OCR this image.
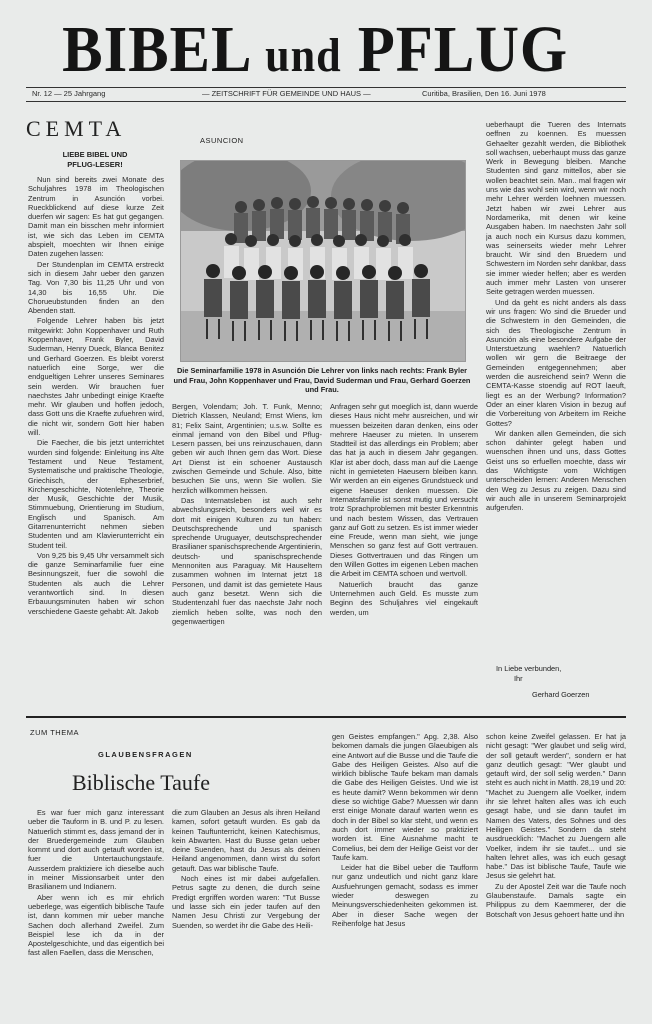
BIBEL und PFLUG
Nr. 12 — 25 Jahrgang	— ZEITSCHRIFT FÜR GEMEINDE UND HAUS —	Curitiba, Brasilien, Den 16. Juni 1978
CEMTA
LIEBE BIBEL UND
PFLUG-LESER!

Nun sind bereits zwei Monate des Schuljahres 1978 im Theologischen Zentrum in Asunción vorbei. Rueckblickend auf diese kurze Zeit duerfen wir sagen: Es hat gut gegangen. Damit man ein bisschen mehr informiert ist, wie sich das Leben im CEMTA abspielt, moechten wir Ihnen einige Daten zugehen lassen:

Der Stundenplan im CEMTA erstreckt sich in diesem Jahr ueber den ganzen Tag. Von 7,30 bis 11,25 Uhr und von 14,30 bis 16,55 Uhr. Die Chorueubstunden finden an den Abenden statt.

Folgende Lehrer haben bis jetzt mitgewirkt: John Koppenhaver und Ruth Koppenhaver, Frank Byler, David Suderman, Henry Dueck, Blanca Benitez und Gerhard Goerzen. Es bleibt vorerst natuerlich eine Sorge, wer die endgueltigen Lehrer unseres Seminares sein werden. Wir brauchen fuer naechstes Jahr unbedingt einige Kraefte mehr. Wir glauben und hoffen jedoch, dass Gott uns die Kraefte zufuehren wird, die nicht wir, sondern Gott hier haben will.

Die Faecher, die bis jetzt unterrichtet wurden sind folgende: Einleitung ins Alte Testament und Neue Testament, Systematische und praktische Theologie, Griechisch, der Epheserbrief, Kirchengeschichte, Notenlehre, Theorie der Musik, Geschichte der Musik, Stimmuebung, Orientierung im Studium, Englisch und Spanisch. Am Gitarrenunterricht nehmen sieben Studenten und am Klavierunterricht ein Student teil.

Von 9,25 bis 9,45 Uhr versammelt sich die ganze Seminarfamilie fuer eine Besinnungszeit, fuer die sowohl die Studenten als auch die Lehrer verantwortlich sind. In diesen Erbauungsminuten haben wir schon verschiedene Gaeste gehabt: Alt. Jakob

ASUNCION
Die Seminarfamilie 1978 in Asunción Die Lehrer von links nach rechts: Frank Byler und Frau, John Koppenhaver und Frau, David Suderman und Frau, Gerhard Goerzen und Frau.

Bergen, Volendam; Joh. T. Funk, Menno; Dietrich Klassen, Neuland; Ernst Wiens, km 81; Felix Saint, Argentinien; u.s.w. Sollte es einmal jemand von den Bibel und Pflug-Lesern passen, bei uns reinzuschauen, dann geben wir auch Ihnen gern das Wort. Diese Art Dienst ist ein schoener Austausch zwischen Gemeinde und Schule. Also, bitte besuchen Sie uns, wenn Sie wollen. Sie herzlich willkommen heissen.

Das Internatsleben ist auch sehr abwechslungsreich, besonders weil wir es dort mit einigen Kulturen zu tun haben: Deutschsprechende und spanisch sprechende Uruguayer, deutschsprechender Brasilianer spanischsprechende Argentinierin, deutsch- und spanischsprechende Mennoniten aus Paraguay. Mit Hauseltern zusammen wohnen im Internat jetzt 18 Personen, und damit ist das gemietete Haus auch ganz besetzt. Wenn sich die Studentenzahl fuer das naechste Jahr noch ziemlich heben sollte, was noch den gegenwaertigen

Anfragen sehr gut moeglich ist, dann wuerde dieses Haus nicht mehr ausreichen, und wir muessen beizeiten daran denken, eins oder mehrere Haeuser zu mieten. In unserem Stadtteil ist das allerdings ein Problem; aber das hat ja auch in diesem Jahr gegangen. Klar ist aber doch, dass man auf die Laenge nicht in gemieteten Haeusern bleiben kann. Wir werden an ein eigenes Grundstueck und eigene Haeuser denken muessen. Die Internatsfamilie ist sonst mutig und versucht trotz Sprachproblemen mit bester Erkenntnis und nach bestem Wissen, das Vertrauen ganz auf Gott zu setzen. Es ist immer wieder eine Freude, wenn man sieht, wie junge Menschen so ganz fest auf Gott vertrauen. Dieses Gottvertrauen und das Ringen um den Willen Gottes im eigenen Leben machen die Arbeit im CEMTA schoen und wertvoll.

Natuerlich braucht das ganze Unternehmen auch Geld. Es musste zum Beginn des Schuljahres viel eingekauft werden, um

ueberhaupt die Tueren des Internats oeffnen zu koennen. Es muessen Gehaelter gezahlt werden, die Bibliothek soll wachsen, ueberhaupt muss das ganze Werk in Bewegung bleiben. Manche Studenten sind ganz mittellos, aber sie wollen beachtet sein. Man.. mal fragen wir uns wie das wohl sein wird, wenn wir noch mehr Lehrer werden loehnen muessen. Jetzt haben wir zwei Lehrer aus Nordamerika, mit denen wir keine Ausgaben haben. Im naechsten Jahr soll ja auch noch ein Kursus dazu kommen, was seinerseits wieder mehr Lehrer braucht. Wir sind den Bruedern und Schwestern im Norden sehr dankbar, dass sie immer wieder helfen; aber es werden auch immer mehr Lasten von unserer Seite getragen werden muessen.

Und da geht es nicht anders als dass wir uns fragen: Wo sind die Brueder und die Schwestern in den Gemeinden, die sich des Theologische Zentrum in Asunción als eine besondere Aufgabe der Unterstuetzung waehlen? Natuerlich wollen wir gern die Beitraege der Gemeinden entgegennehmen; aber werden die ausreichend sein? Wenn die CEMTA-Kasse stoendig auf ROT laeuft, liegt es an der Werbung? Information? Oder an einer klaren Vision in bezug auf die Vorbereitung von Arbeitern im Reiche Gottes?

Wir danken allen Gemeinden, die sich schon dahinter gelegt haben und wuenschen ihnen und uns, dass Gottes Geist uns so erfuellen moechte, dass wir das Wichtigste vom Wichtigen unterscheiden lernen: Anderen Menschen den Weg zu Jesus zu zeigen. Dazu sind wir auch alle in unserem Seminarprojekt aufgerufen.

In Liebe verbunden,
Ihr
Gerhard Goerzen
ZUM THEMA
GLAUBENSFRAGEN
Biblische Taufe

Es war fuer mich ganz interessant ueber die Tauform in B. und P. zu lesen. Natuerlich stimmt es, dass jemand der in der Bruedergemeinde zum Glauben kommt und dort auch getauft worden ist, fuer die Untertauchungstaufe. Ausserdem praktiziere ich dieselbe auch in meiner Missionsarbeit unter den Brasilianern und Indianern.

Aber wenn ich es mir ehrlich ueberlege, was eigentlich biblische Taufe ist, dann kommen mir ueber manche Sachen doch allerhand Zweifel. Zum Beispiel lese ich da in der Apostelgeschichte, und das eigentlich bei fast allen Faellen, dass die Menschen,

die zum Glauben an Jesus als ihren Heiland kamen, sofort getauft wurden. Es gab da keinen Tauftunterricht, keinen Katechismus, kein Abwarten. Hast du Busse getan ueber deine Suenden, hast du Jesus als deinen Heiland angenommen, dann wirst du sofort getauft. Das war biblische Taufe.

Noch eines ist mir dabei aufgefallen. Petrus sagte zu denen, die durch seine Predigt ergriffen worden waren: "Tut Busse und lasse sich ein jeder taufen auf den Namen Jesu Christi zur Vergebung der Suenden, so werdet ihr die Gabe des Heili-

gen Geistes empfangen." Apg. 2,38. Also bekomen damals die jungen Glaeubigen als eine Antwort auf die Busse und die Taufe die Gabe des Heiligen Geistes. Also auf die wirklich biblische Taufe bekam man damals die Gabe des Heiligen Geistes. Und wie ist es heute damit? Wenn bekommen wir denn diese so wichtige Gabe? Muessen wir dann erst einige Monate darauf warten wenn es doch in der Bibel so klar steht, und wenn es auch dort immer wieder so praktiziert worden ist. Eine Ausnahme macht te Cornelius, bei dem der Heilige Geist vor der Taufe kam.

Leider hat die Bibel ueber die Taufform nur ganz undeutlich und nicht ganz klare Ausfuehrungen gemacht, sodass es immer wieder deswegen zu Meinungsverschiedenheiten gekommen ist. Aber in dieser Sache wegen der Reihenfolge hat Jesus

schon keine Zweifel gelassen. Er hat ja nicht gesagt: "Wer glaubet und selig wird, der soll getauft werden", sondern er hat ganz deutlich gesagt: "Wer glaubt und getauft wird, der soll selig werden." Dann steht es auch nicht in Matth. 28,19 und 20: "Machet zu Juengern alle Voelker, indem ihr sie lehret halten alles was ich euch gesagt habe, und sie dann taufet im Namen des Vaters, des Sohnes und des Heiligen Geistes." Sondern da steht ausdruecklich: "Machet zu Juengern alle Voelker, indem ihr sie taufet... und sie halten lehret alles, was ich euch gesagt habe." Das ist biblische Taufe, Taufe wie Jesus sie gelehrt hat.

Zu der Apostel Zeit war die Taufe noch Glaubenstaufe. Damals sagte ein Philippus zu dem Kaemmerer, der die Botschaft von Jesus gehoert hatte und ihn
